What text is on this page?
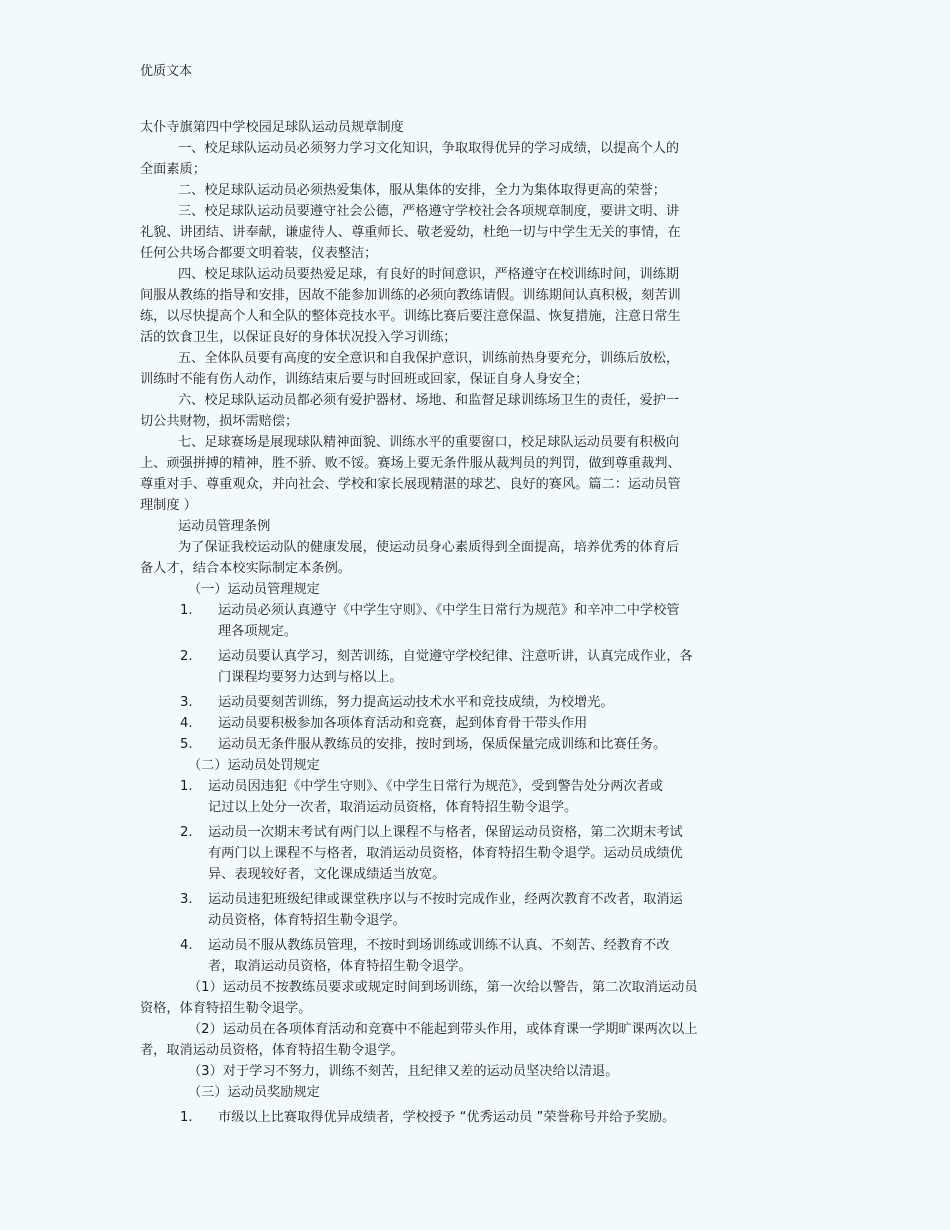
优质文本

太仆寺旗第四中学校园足球队运动员规章制度

一、校足球队运动员必须努力学习文化知识，争取取得优异的学习成绩，以提高个人的

全面素质；

二、校足球队运动员必须热爱集体，服从集体的安排，全力为集体取得更高的荣誉；

三、校足球队运动员要遵守社会公德，严格遵守学校社会各项规章制度，要讲文明、讲

礼貌、讲团结、讲奉献，谦虚待人、尊重师长、敬老爱幼，杜绝一切与中学生无关的事情，在

任何公共场合都要文明着装，仪表整洁；

四、校足球队运动员要热爱足球，有良好的时间意识，严格遵守在校训练时间，训练期

间服从教练的指导和安排，因故不能参加训练的必须向教练请假。训练期间认真积极，刻苦训

练，以尽快提高个人和全队的整体竞技水平。训练比赛后要注意保温、恢复措施，注意日常生

活的饮食卫生，以保证良好的身体状况投入学习训练；

五、全体队员要有高度的安全意识和自我保护意识，训练前热身要充分，训练后放松，

训练时不能有伤人动作，训练结束后要与时回班或回家，保证自身人身安全；

六、校足球队运动员都必须有爱护器材、场地、和监督足球训练场卫生的责任，爱护一

切公共财物，损坏需赔偿；

七、足球赛场是展现球队精神面貌、训练水平的重要窗口，校足球队运动员要有积极向

上、顽强拼搏的精神，胜不骄、败不馁。赛场上要无条件服从裁判员的判罚，做到尊重裁判、

尊重对手、尊重观众，并向社会、学校和家长展现精湛的球艺、良好的赛风。篇二：运动员管

理制度 ）

运动员管理条例

为了保证我校运动队的健康发展，使运动员身心素质得到全面提高，培养优秀的体育后

备人才，结合本校实际制定本条例。

（一）运动员管理规定

1. 运动员必须认真遵守《中学生守则》、《中学生日常行为规范》和辛冲二中学校管

理各项规定。

2. 运动员要认真学习，刻苦训练，自觉遵守学校纪律、注意听讲，认真完成作业，各

门课程均要努力达到与格以上。

3. 运动员要刻苦训练，努力提高运动技术水平和竞技成绩，为校增光。

4. 运动员要积极参加各项体育活动和竞赛，起到体育骨干带头作用

5. 运动员无条件服从教练员的安排，按时到场，保质保量完成训练和比赛任务。

（二）运动员处罚规定

1. 运动员因违犯《中学生守则》、《中学生日常行为规范》，受到警告处分两次者或

记过以上处分一次者，取消运动员资格，体育特招生勒令退学。

2. 运动员一次期末考试有两门以上课程不与格者，保留运动员资格，第二次期末考试

有两门以上课程不与格者，取消运动员资格，体育特招生勒令退学。运动员成绩优

异、表现较好者，文化课成绩适当放宽。

3. 运动员违犯班级纪律或课堂秩序以与不按时完成作业，经两次教育不改者，取消运

动员资格，体育特招生勒令退学。

4. 运动员不服从教练员管理，不按时到场训练或训练不认真、不刻苦、经教育不改

者，取消运动员资格，体育特招生勒令退学。

（1）运动员不按教练员要求或规定时间到场训练，第一次给以警告，第二次取消运动员

资格，体育特招生勒令退学。

（2）运动员在各项体育活动和竞赛中不能起到带头作用，或体育课一学期旷课两次以上

者，取消运动员资格，体育特招生勒令退学。

（3）对于学习不努力，训练不刻苦，且纪律又差的运动员坚决给以清退。

（三）运动员奖励规定

1. 市级以上比赛取得优异成绩者，学校授予 “优秀运动员 ”荣誉称号并给予奖励。
